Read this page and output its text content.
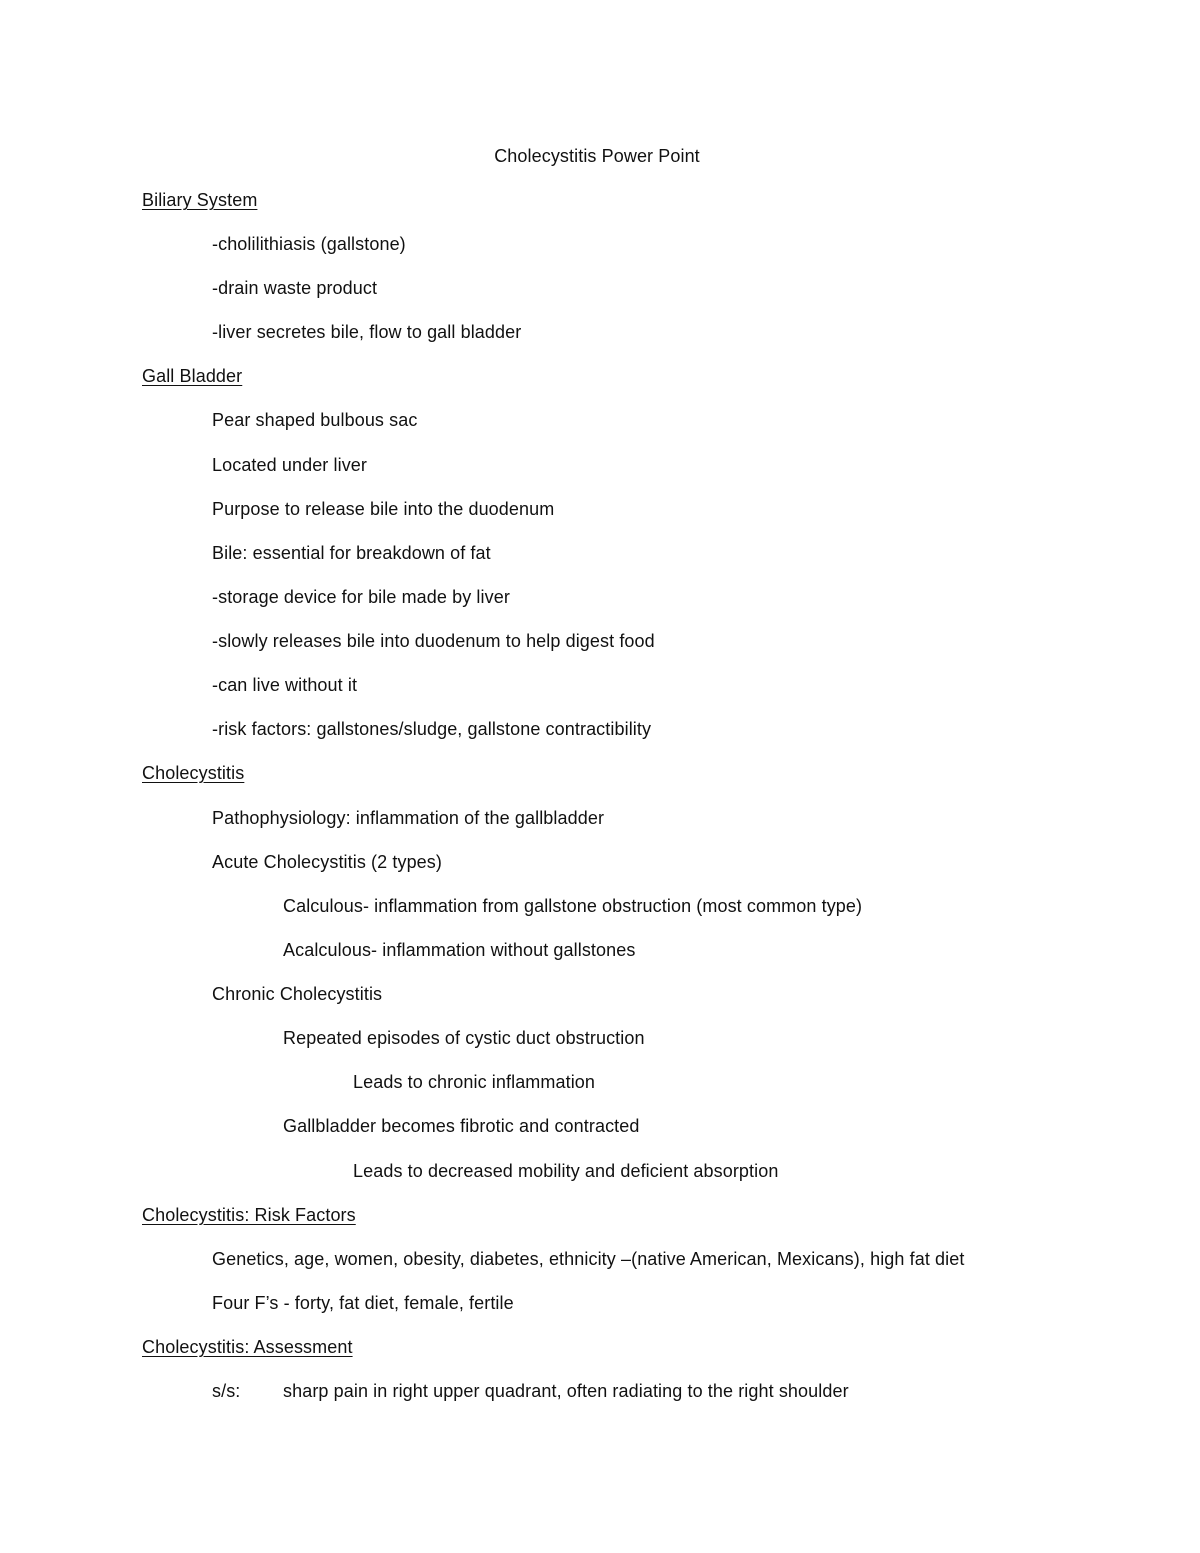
Cholecystitis Power Point
Biliary System
-cholilithiasis (gallstone)
-drain waste product
-liver secretes bile, flow to gall bladder
Gall Bladder
Pear shaped bulbous sac
Located under liver
Purpose to release bile into the duodenum
Bile: essential for breakdown of fat
-storage device for bile made by liver
-slowly releases bile into duodenum to help digest food
-can live without it
-risk factors: gallstones/sludge, gallstone contractibility
Cholecystitis
Pathophysiology: inflammation of the gallbladder
Acute Cholecystitis (2 types)
Calculous- inflammation from gallstone obstruction (most common type)
Acalculous- inflammation without gallstones
Chronic Cholecystitis
Repeated episodes of cystic duct obstruction
Leads to chronic inflammation
Gallbladder becomes fibrotic and contracted
Leads to decreased mobility and deficient absorption
Cholecystitis: Risk Factors
Genetics, age, women, obesity, diabetes, ethnicity –(native American, Mexicans), high fat diet
Four F’s - forty, fat diet, female, fertile
Cholecystitis: Assessment
s/s: sharp pain in right upper quadrant, often radiating to the right shoulder
